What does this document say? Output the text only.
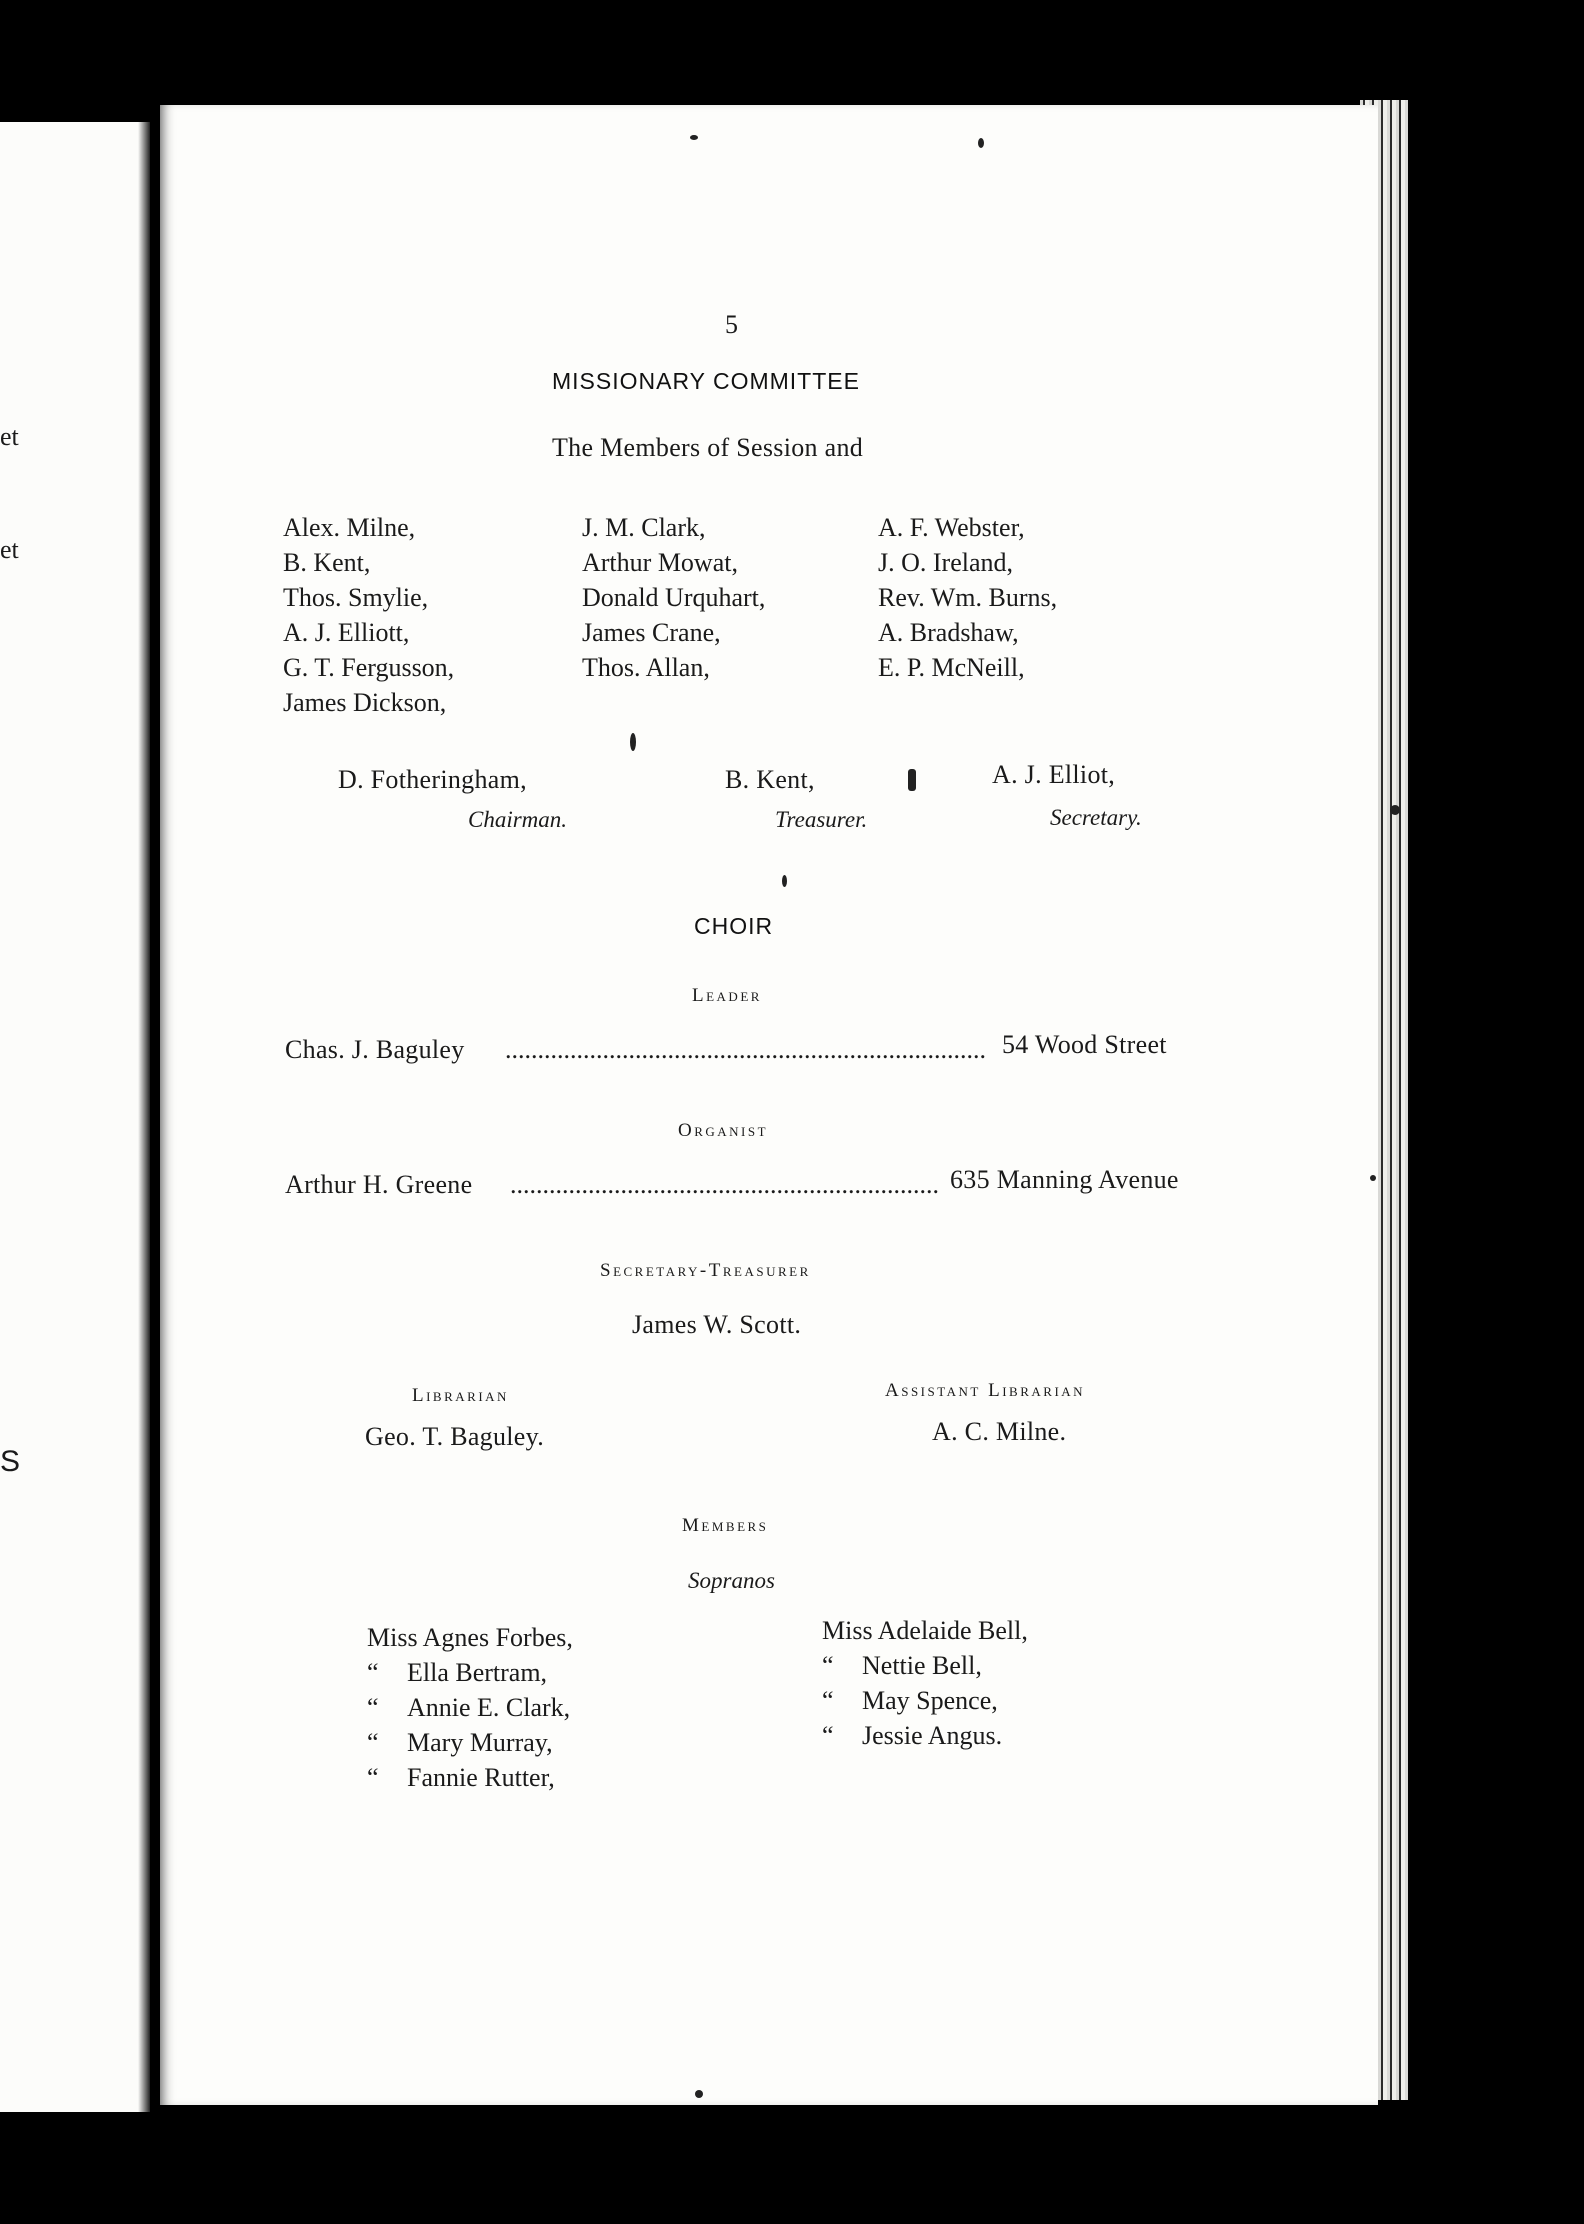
et
et
S
5
MISSIONARY COMMITTEE
The Members of Session and
Alex. Milne,
B. Kent,
Thos. Smylie,
A. J. Elliott,
G. T. Fergusson,
James Dickson,
J. M. Clark,
Arthur Mowat,
Donald Urquhart,
James Crane,
Thos. Allan,
A. F. Webster,
J. O. Ireland,
Rev. Wm. Burns,
A. Bradshaw,
E. P. McNeill,
D. Fotheringham,
Chairman.
B. Kent,
Treasurer.
A. J. Elliot,
Secretary.
CHOIR
Leader
Chas. J. Baguley .......................................................................... 54 Wood Street
Organist
Arthur H. Greene .................................................................. 635 Manning Avenue
Secretary-Treasurer
James W. Scott.
Librarian
Geo. T. Baguley.
Assistant Librarian
A. C. Milne.
Members
Sopranos
Miss Agnes Forbes,
“ Ella Bertram,
“ Annie E. Clark,
“ Mary Murray,
“ Fannie Rutter,
Miss Adelaide Bell,
“ Nettie Bell,
“ May Spence,
“ Jessie Angus.
